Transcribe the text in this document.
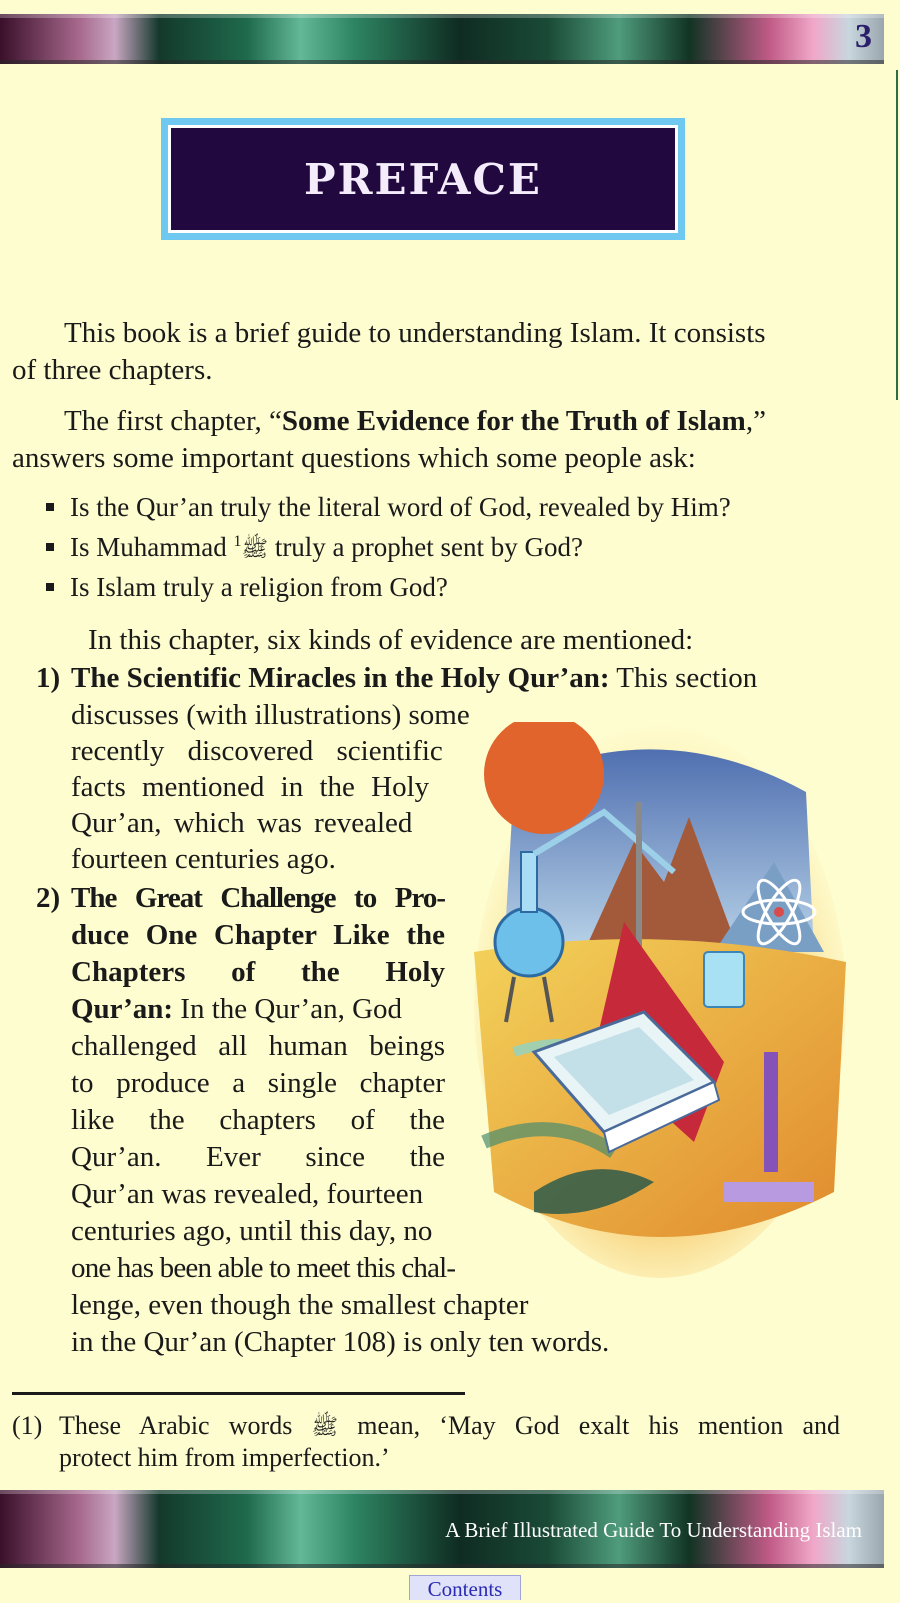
3
PREFACE
This book is a brief guide to understanding Islam. It consists
of three chapters.
The first chapter, “Some Evidence for the Truth of Islam,”
answers some important questions which some people ask:
Is the Qur’an truly the literal word of God, revealed by Him?
Is Muhammad ﷺ$^1$ truly a prophet sent by God?
Is Islam truly a religion from God?
In this chapter, six kinds of evidence are mentioned:
1) The Scientific Miracles in the Holy Qur’an: This section
discusses (with illustrations) some
recently discovered scientific
facts mentioned in the Holy
Qur’an, which was revealed
fourteen centuries ago.
2) The Great Challenge to Pro-
duce One Chapter Like the
Chapters of the Holy
Qur’an: In the Qur’an, God
challenged all human beings
to produce a single chapter
like the chapters of the
Qur’an. Ever since the
Qur’an was revealed, fourteen
centuries ago, until this day, no
one has been able to meet this chal-
lenge, even though the smallest chapter
in the Qur’an (Chapter 108) is only ten words.
(1) These Arabic words ﷺ mean, ‘May God exalt his mention and
protect him from imperfection.’
A Brief Illustrated Guide To Understanding Islam
Contents
